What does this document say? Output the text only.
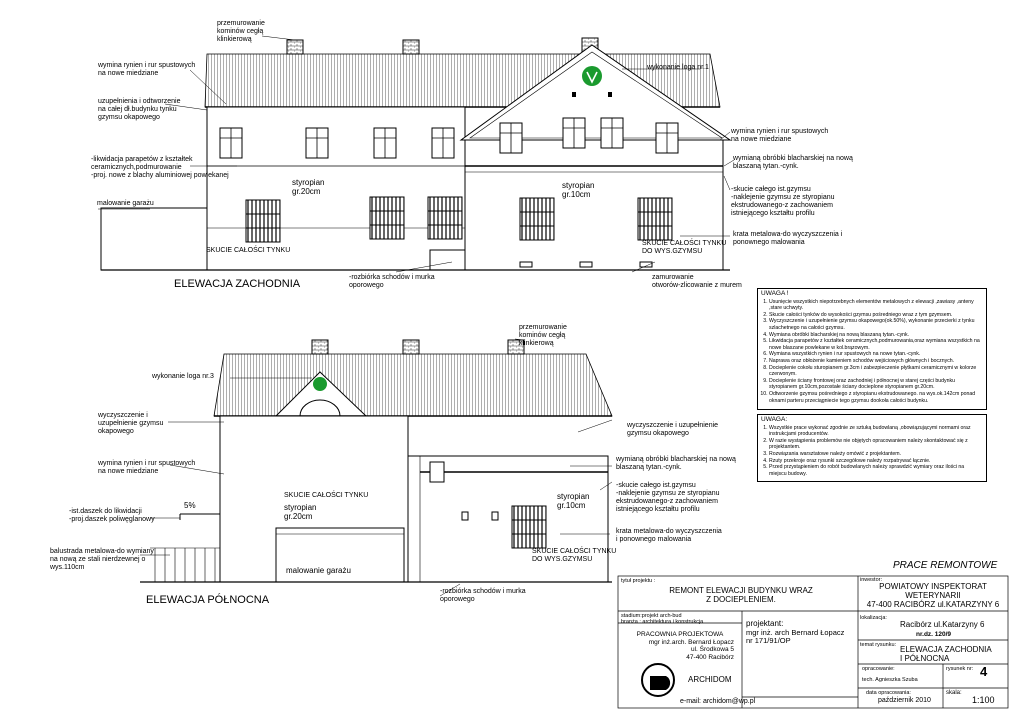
przemurowanie
kominów cegłą
klinkierową
wymina rynien i rur spustowych
na nowe miedziane
uzupełnienia i odtworzenie
na całej dł.budynku tynku
gzymsu okapowego
-likwidacja parapetów z kształtek
ceramicznych,podmurowanie
-proj. nowe z blachy aluminiowej powlekanej
malowanie garażu
SKUCIE CAŁOŚCI TYNKU
styropian
gr.20cm
-rozbiórka schodów i murka
oporowego
wykonanie loga nr.1
wymina rynien i rur spustowych
na nowe miedziane
wymianą obróbki blacharskiej na nową
blaszaną tytan.-cynk.
styropian
gr.10cm
-skucie całego ist.gzymsu
-naklejenie gzymsu ze styropianu
ekstrudowanego-z zachowaniem
istniejącego kształtu profilu
SKUCIE CAŁOŚCI TYNKU
DO WYS.GZYMSU
krata metalowa-do wyczyszczenia i
ponownego malowania
zamurowanie
otworów-zlicowanie z murem
ELEWACJA ZACHODNIA
przemurowanie
kominów cegłą
klinkierową
wykonanie loga nr.3
wyczyszczenie i
uzupełnienie gzymsu
okapowego
wyczyszczenie i uzupełnienie
gzymsu okapowego
wymina rynien i rur spustowych
na nowe miedziane
wymianą obróbki blacharskiej na nową
blaszaną tytan.-cynk.
-skucie całego ist.gzymsu
-naklejenie gzymsu ze styropianu
ekstrudowanego-z zachowaniem
istniejącego kształtu profilu
SKUCIE CAŁOŚCI TYNKU
styropian
gr.20cm
styropian
gr.10cm
5%
-ist.daszek do likwidacji
-proj.daszek poliwęglanowy
balustrada metalowa-do wymiany
na nową ze stali nierdzewnej o
wys.110cm	malowanie garażu
krata metalowa-do wyczyszczenia
i ponownego malowania
SKUCIE CAŁOŚCI TYNKU
DO WYS.GZYMSU
-rozbiórka schodów i murka
oporowego
ELEWACJA PÓŁNOCNA
UWAGA !
1. Usunięcie wszystkich niepotrzebnych elementów metalowych z elewacji ,zawiasy ,anteny ,stare uchwyty.
2. Skucie całości tynków do wysokości gzymsu pośredniego wraz z tym gzymsem.
3. Wyczyszczenie i uzupełnienie gzymsu okapowego(ok.50%), wykonanie przecierki z tynku szlachetnego na całości gzymsu.
4. Wymiana obróbki blacharskiej na nową blaszaną tytan.-cynk.
5. Likwidacja parapetów z kształtek ceramicznych,podmurowania,oraz wymiana wszystkich na nowe blaszane powlekane w kol.brązowym.
6. Wymiana wszystkich rynien i rur spustowych na nowe tytan.-cynk.
7. Naprawa oraz obłożenie kamieniem schodów wejściowych głównych i bocznych.
8. Docieplenie cokołu sturopianem gr.3cm i zabezpieczenie płytkami ceramicznymi w kolorze czerwonym.
9. Docieplenie ściany frontowej oraz zachodniej i północnej w starej części budynku styropianem gr.10cm,pozostałe ściany docieplone styropianem gr.20cm.
10. Odtworzenie gzymsu pośredniego z styropianu ekstrudowanego. na wys.ok.142cm ponad oknami parteru przeciągniecie tego gzymsu dookoła całości budynku.
UWAGA:
1. Wszystkie prace wykonać zgodnie ze sztuką budowlaną ,obowiązującymi normami oraz instrukcjami producentów.
2. W razie wystąpienia problemów nie objętych opracowaniem należy skontaktować się z projektantem.
3. Rozwiązania warsztatowe należy omówić z projektantem.
4. Rzuty przekroje oraz rysunki szczegółowe należy rozpatrywać łącznie.
5. Przed przystąpieniem do robót budowlanych należy sprawdzić wymiary oraz ilości na miejscu budowy.
PRACE REMONTOWE
tytuł projektu :
REMONT ELEWACJI BUDYNKU WRAZ
Z DOCIEPLENIEM.
inwestor:
POWIATOWY INSPEKTORAT
WETERYNARII
47-400 RACIBÓRZ ul.KATARZYNY 6
stadium:projekt arch-bud
branża : architektura i konstrukcja
lokalizacja:
Racibórz ul.Katarzyny 6
nr.dz. 120/9
PRACOWNIA PROJEKTOWA
mgr inż.arch. Bernard Łopacz
ul. Środkowa 5
47-400 Racibórz
ARCHIDOM
e-mail: archidom@wp.pl
projektant:
mgr inż. arch Bernard Łopacz
nr 171/91/OP	temat rysunku: ELEWACJA ZACHODNIA
I PÓŁNOCNA
opracowanie:
tech. Agnieszka Szuba
rysunek nr: 4
data opracowania:
październik 2010
skala:
1:100
